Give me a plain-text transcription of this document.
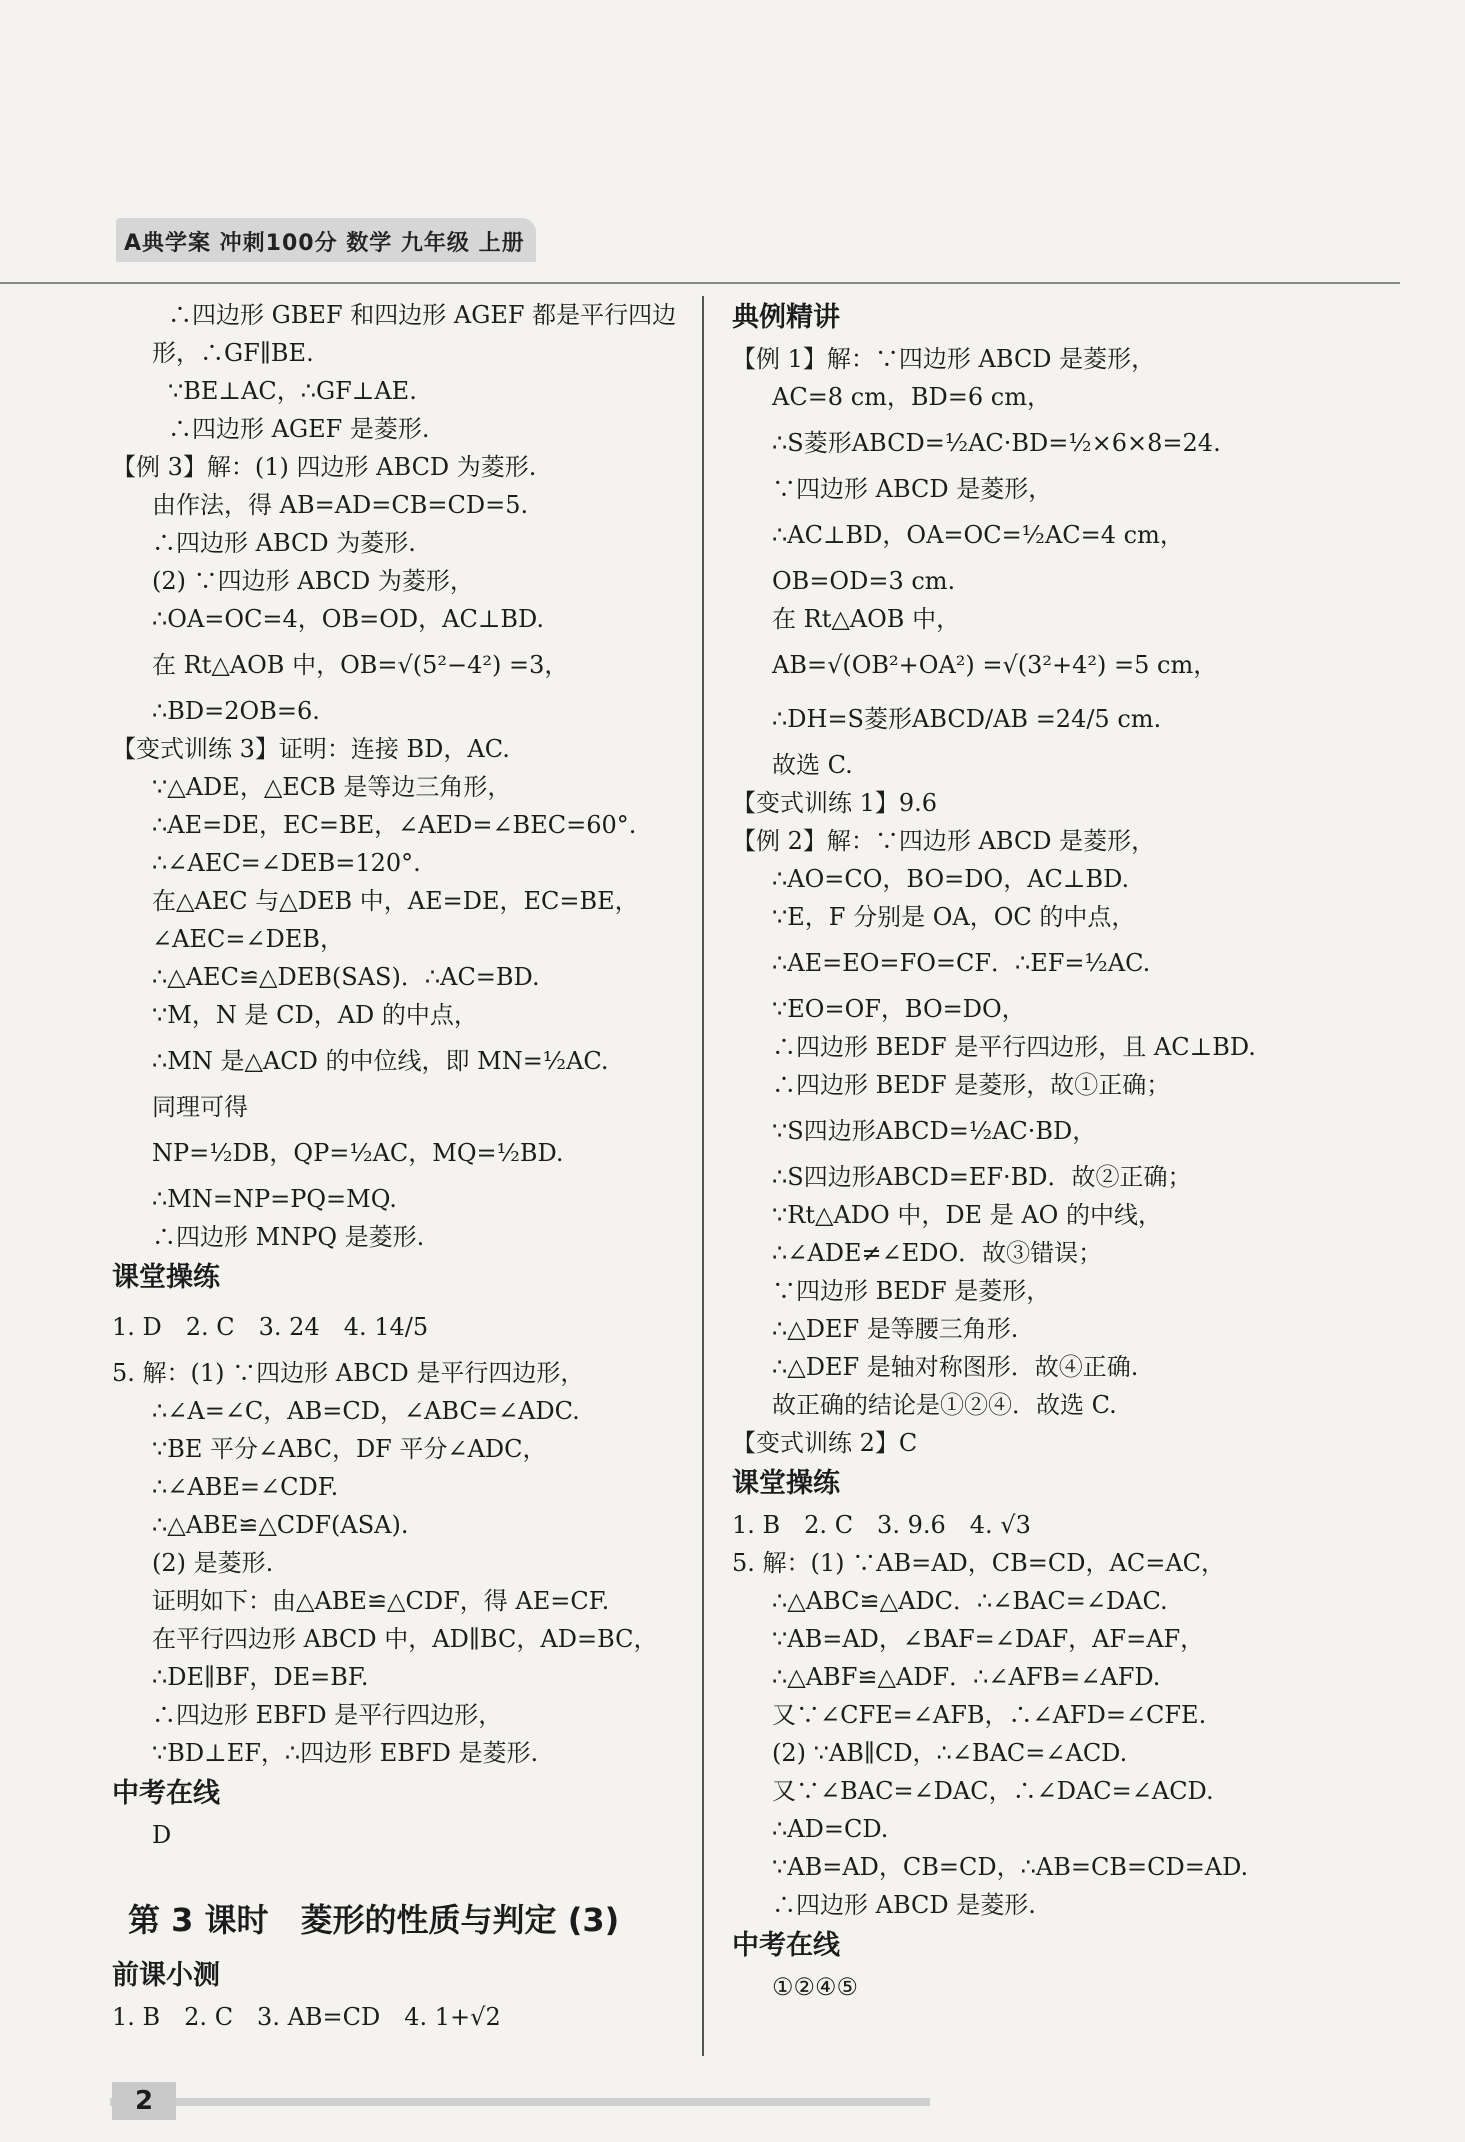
A典学案 冲刺100分 数学 九年级 上册
∴四边形 GBEF 和四边形 AGEF 都是平行四边
形，∴GF∥BE.
∵BE⊥AC，∴GF⊥AE.
∴四边形 AGEF 是菱形.
【例 3】解：(1) 四边形 ABCD 为菱形.
由作法，得 AB=AD=CB=CD=5.
∴四边形 ABCD 为菱形.
(2) ∵四边形 ABCD 为菱形，
∴OA=OC=4，OB=OD，AC⊥BD.
在 Rt△AOB 中，OB=√(5²−4²) =3，
∴BD=2OB=6.
【变式训练 3】证明：连接 BD，AC.
∵△ADE，△ECB 是等边三角形，
∴AE=DE，EC=BE，∠AED=∠BEC=60°.
∴∠AEC=∠DEB=120°.
在△AEC 与△DEB 中，AE=DE，EC=BE，
∠AEC=∠DEB，
∴△AEC≌△DEB(SAS)．∴AC=BD.
∵M，N 是 CD，AD 的中点，
∴MN 是△ACD 的中位线，即 MN=½AC.
同理可得
NP=½DB，QP=½AC，MQ=½BD.
∴MN=NP=PQ=MQ.
∴四边形 MNPQ 是菱形.
课堂操练
1. D　2. C　3. 24　4. 14/5
5. 解：(1) ∵四边形 ABCD 是平行四边形，
∴∠A=∠C，AB=CD，∠ABC=∠ADC.
∵BE 平分∠ABC，DF 平分∠ADC，
∴∠ABE=∠CDF.
∴△ABE≌△CDF(ASA).
(2) 是菱形.
证明如下：由△ABE≌△CDF，得 AE=CF.
在平行四边形 ABCD 中，AD∥BC，AD=BC，
∴DE∥BF，DE=BF.
∴四边形 EBFD 是平行四边形，
∵BD⊥EF，∴四边形 EBFD 是菱形.
中考在线
D
第 3 课时　菱形的性质与判定 (3)
前课小测
1. B　2. C　3. AB=CD　4. 1+√2
典例精讲
【例 1】解：∵四边形 ABCD 是菱形，
AC=8 cm，BD=6 cm，
∴S菱形ABCD=½AC·BD=½×6×8=24.
∵四边形 ABCD 是菱形，
∴AC⊥BD，OA=OC=½AC=4 cm，
OB=OD=3 cm.
在 Rt△AOB 中，
AB=√(OB²+OA²) =√(3²+4²) =5 cm，
∴DH=S菱形ABCD/AB =24/5 cm.
故选 C.
【变式训练 1】9.6
【例 2】解：∵四边形 ABCD 是菱形，
∴AO=CO，BO=DO，AC⊥BD.
∵E，F 分别是 OA，OC 的中点，
∴AE=EO=FO=CF．∴EF=½AC.
∵EO=OF，BO=DO，
∴四边形 BEDF 是平行四边形，且 AC⊥BD.
∴四边形 BEDF 是菱形，故①正确；
∵S四边形ABCD=½AC·BD，
∴S四边形ABCD=EF·BD．故②正确；
∵Rt△ADO 中，DE 是 AO 的中线，
∴∠ADE≠∠EDO．故③错误；
∵四边形 BEDF 是菱形，
∴△DEF 是等腰三角形.
∴△DEF 是轴对称图形．故④正确.
故正确的结论是①②④．故选 C.
【变式训练 2】C
课堂操练
1. B　2. C　3. 9.6　4. √3
5. 解：(1) ∵AB=AD，CB=CD，AC=AC，
∴△ABC≌△ADC．∴∠BAC=∠DAC.
∵AB=AD，∠BAF=∠DAF，AF=AF，
∴△ABF≌△ADF．∴∠AFB=∠AFD.
又∵∠CFE=∠AFB，∴∠AFD=∠CFE.
(2) ∵AB∥CD，∴∠BAC=∠ACD.
又∵∠BAC=∠DAC，∴∠DAC=∠ACD.
∴AD=CD.
∵AB=AD，CB=CD，∴AB=CB=CD=AD.
∴四边形 ABCD 是菱形.
中考在线
①②④⑤
2
